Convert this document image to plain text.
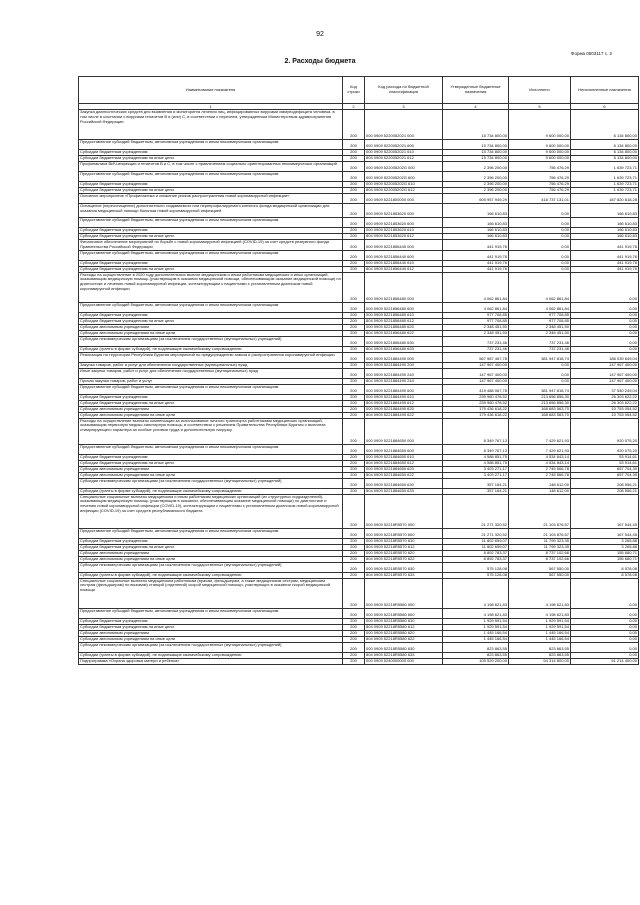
92
Форма 0503117 с. 2
2. Расходы бюджета
Наименование показателя	Код строки	Код расхода по бюджетной классификации	Утвержденные бюджетные назначения	Исполнено	Неисполненные назначения
1	2	3	4	5	6
Закупка диагностических средств для выявления и мониторинга лечения лиц, инфицированных вирусами иммунодефицита человека, в том числе в сочетании с вирусами гепатитов В и (или) С, в соответствии с перечнем, утвержденным Министерством здравоохранения Российской Федерации	200	000 0909 5220052021 000	15 734 800,00	9 600 000,00	6 134 800,00
Предоставление субсидий бюджетным, автономным учреждениям и иным некоммерческим организациям	200	000 0909 5220052021 600	15 734 800,00	9 600 000,00	6 134 800,00
Субсидии бюджетным учреждениям	200	000 0909 5220052021 610	15 734 800,00	9 600 000,00	6 134 800,00
Субсидии бюджетным учреждениям на иные цели	200	804 0909 5220052021 612	15 734 800,00	9 600 000,00	6 134 800,00
Профилактика ВИЧ-инфекции и гепатитов В и С, в том числе с привлечением социально ориентированных некоммерческих организаций	200	000 0909 522005202G 000	2 396 200,00	756 476,29	1 639 723,71
Предоставление субсидий бюджетным, автономным учреждениям и иным некоммерческим организациям	200	000 0909 522005202G 600	2 396 200,00	756 476,29	1 639 723,71
Субсидии бюджетным учреждениям	200	000 0909 522005202G 610	2 396 200,00	756 476,29	1 639 723,71
Субсидии бюджетным учреждениям на иные цели	200	804 0909 522005202G 612	2 396 200,00	756 476,29	1 639 723,71
Основное мероприятие «Профилактика и снижение рисков распространения новой коронавирусной инфекции»	200	000 0909 5221800000 000	605 957 949,29	418 737 131,01	187 820 818,28
Оснащение (переоснащение) дополнительно создаваемого или перепрофилируемого коечного фонда медицинской организации для оказания медицинской помощи больным новой коронавирусной инфекцией	200	000 0909 5221853620 000	166 610,83	0,00	166 610,83
Предоставление субсидий бюджетным, автономным учреждениям и иным некоммерческим организациям	200	000 0909 5221853620 600	166 610,83	0,00	166 610,83
Субсидии бюджетным учреждениям	200	000 0909 5221853620 610	166 610,83	0,00	166 610,83
Субсидии бюджетным учреждениям на иные цели	200	804 0909 5221853620 612	166 610,83	0,00	166 610,83
Финансовое обеспечение мероприятий по борьбе с новой коронавирусной инфекцией (COVID-19) за счет средств резервного фонда Правительства Российской Федерации	200	000 0909 5221856440 000	441 919,76	0,00	441 919,76
Предоставление субсидий бюджетным, автономным учреждениям и иным некоммерческим организациям	200	000 0909 5221856440 600	441 919,76	0,00	441 919,76
Субсидии бюджетным учреждениям	200	000 0909 5221856440 610	441 919,76	0,00	441 919,76
Субсидии бюджетным учреждениям на иные цели	200	804 0909 5221856440 612	441 919,76	0,00	441 919,76
Расходы на осуществление в 2020 году дополнительных выплат медицинским и иным работникам медицинских и иных организаций, оказывающим медицинскую помощь (участвующим в оказании медицинской помощи, обеспечивающим оказание медицинской помощи) по диагностике и лечению новой коронавирусной инфекции, контактирующим с пациентами с установленным диагнозом новой коронавирусной инфекции	200	000 0909 5221856480 000	4 062 861,84	4 062 861,84	0,00
Предоставление субсидий бюджетным, автономным учреждениям и иным некоммерческим организациям	200	000 0909 5221856480 600	4 062 861,84	4 062 861,84	0,00
Субсидии бюджетным учреждениям	200	000 0909 5221856480 610	977 708,85	977 708,85	0,00
Субсидии бюджетным учреждениям на иные цели	200	804 0909 5221856480 612	977 708,85	977 708,85	0,00
Субсидии автономным учреждениям	200	000 0909 5221856480 620	2 348 451,50	2 348 451,50	0,00
Субсидии автономным учреждениям на иные цели	200	804 0909 5221856480 622	2 348 451,50	2 348 451,50	0,00
Субсидии некоммерческим организациям (за исключением государственных (муниципальных) учреждений)	200	000 0909 5221856480 630	737 231,46	737 231,46	0,00
Субсидии (гранты в форме субсидий), не подлежащие казначейскому сопровождению	200	804 0909 5221856480 633	737 231,46	737 231,46	0,00
Реализация на территории Республики Бурятия мероприятий по предупреждению завоза и распространения коронавирусной инфекции	200	000 0909 5221884490 000	567 987 467,78	381 947 818,74	186 039 649,04
Закупка товаров, работ и услуг для обеспечения государственных (муниципальных) нужд	200	000 0909 5221884490 200	147 967 400,00	0,00	147 967 400,00
Иные закупки товаров, работ и услуг для обеспечения государственных (муниципальных) нужд	200	000 0909 5221884490 240	147 967 400,00	0,00	147 967 400,00
Прочая закупка товаров, работ и услуг	200	804 0909 5221884490 244	147 967 400,00	0,00	147 967 400,00
Предоставление субсидий бюджетным, автономным учреждениям и иным некоммерческим организациям	200	000 0909 5221884490 600	419 488 067,78	381 947 818,74	37 540 249,04
Субсидии бюджетным учреждениям	200	000 0909 5221884490 610	239 960 478,52	213 656 856,30	26 303 622,22
Субсидии бюджетным учреждениям на иные цели	200	804 0909 5221884490 612	239 960 478,52	213 656 856,30	26 303 622,22
Субсидии автономным учреждениям	200	000 0909 5221884490 620	179 436 618,22	168 683 563,70	10 753 054,52
Субсидии автономным учреждениям на иные цели	200	804 0909 5221884490 622	179 436 618,22	168 683 563,70	10 753 054,52
Расходы на осуществление выплаты компенсации за использование личного транспорта работниками медицинских организаций, оказывающим первичную медико-санитарную помощь, в соответствии с решением Правительства Республики Бурятия о выплатах стимулирующего характера за особые условия труда и дополнительную нагрузку	200	000 0909 5221884650 000	8 349 767,13	7 429 621,93	920 075,20
Предоставление субсидий бюджетным, автономным учреждениям и иным некоммерческим организациям	200	000 0909 5221884650 600	8 349 767,13	7 429 621,93	920 075,20
Субсидии бюджетным учреждениям	200	000 0909 5221884650 610	4 588 851,75	4 534 843,14	53 914,61
Субсидии бюджетным учреждениям на иные цели	200	804 0909 5221884650 612	4 588 851,75	4 534 843,14	53 914,61
Субсидии автономным учреждениям	200	000 0909 5221884650 620	3 403 271,17	2 745 566,78	657 704,39
Субсидии автономным учреждениям на иные цели	200	804 0909 5221884650 622	3 403 271,17	2 745 566,78	657 704,39
Субсидии некоммерческим организациям (за исключением государственных (муниципальных) учреждений)	200	000 0909 5221884650 630	357 164,21	148 612,00	208 556,21
Субсидии (гранты в форме субсидий), не подлежащие казначейскому сопровождению	200	804 0909 5221884650 633	357 164,21	148 612,00	208 556,21
Специальные социальные выплаты медицинским и иным работникам медицинских организаций (их структурных подразделений), оказывающим медицинскую помощь (участвующим в оказании, обеспечивающим оказание медицинской помощи) по диагностике и лечению новой коронавирусной инфекции (COVID-19), контактирующим с пациентами с установленным диагнозом новой коронавирусной инфекции (COVID-19) за счет средств республиканского бюджета	200	000 0909 52218R5570 000	21 271 320,52	21 103 876,57	167 544,45
Предоставление субсидий бюджетным, автономным учреждениям и иным некоммерческим организациям	200	000 0909 52218R5570 600	21 271 320,52	21 103 876,57	167 544,45
Субсидии бюджетным учреждениям	200	000 0909 52218R5570 610	11 802 659,07	11 799 323,35	3 265,88
Субсидии бюджетным учреждениям на иные цели	200	804 0909 52218R5570 612	11 802 659,07	11 799 323,35	3 265,88
Субсидии автономным учреждениям	200	000 0909 52218R5570 620	8 892 783,37	8 737 102,66	155 680,71
Субсидии автономным учреждениям на иные цели	200	804 0909 52218R5570 622	8 892 783,37	8 737 102,66	155 680,71
Субсидии некоммерческим организациям (за исключением государственных (муниципальных) учреждений)	200	000 0909 52218R5570 630	575 128,08	567 550,00	8 578,08
Субсидии (гранты в форме субсидий), не подлежащие казначейскому сопровождению	200	804 0909 52218R5570 633	575 128,08	567 550,00	8 578,08
Специальные социальные выплаты медицинским работникам (врачам, фельдшерам, а также медицинским сестрам, медицинским сестрам (фельдшерам) по вызовам) станций (отделений) скорой медицинской помощи, участвующих в оказании скорой медицинской помощи	200	000 0909 52218R5580 000	4 198 621,83	4 198 621,83	0,00
Предоставление субсидий бюджетным, автономным учреждениям и иным некоммерческим организациям	200	000 0909 52218R5580 600	4 198 621,83	4 198 621,83	0,00
Субсидии бюджетным учреждениям	200	000 0909 52218R5580 610	1 929 591,54	1 929 591,54	0,00
Субсидии бюджетным учреждениям на иные цели	200	804 0909 52218R5580 612	1 929 591,54	1 929 591,54	0,00
Субсидии автономным учреждениям	200	000 0909 52218R5580 620	1 445 166,54	1 445 166,54	0,00
Субсидии автономным учреждениям на иные цели	200	804 0909 52218R5580 622	1 445 166,54	1 445 166,54	0,00
Субсидии некоммерческим организациям (за исключением государственных (муниципальных) учреждений)	200	000 0909 52218R5580 630	823 863,55	823 863,55	0,00
Субсидии (гранты в форме субсидий), не подлежащие казначейскому сопровождению	200	804 0909 52218R5580 633	823 863,55	823 863,55	0,00
Подпрограмма «Охрана здоровья матери и ребенка»	200	000 0909 5240000000 000	105 529 200,00	54 314 800,00	51 214 400,00
